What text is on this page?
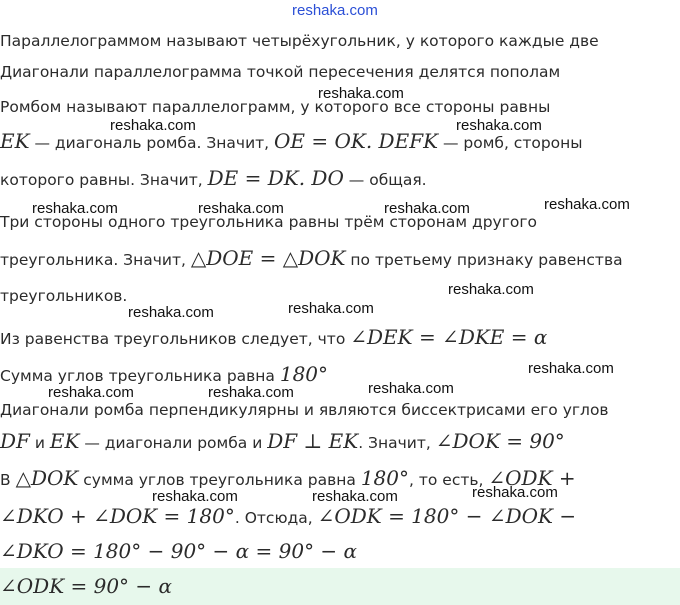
reshaka.com
reshaka.com
reshaka.com	reshaka.com
reshaka.com	reshaka.com	reshaka.com	reshaka.com
reshaka.com
reshaka.com	reshaka.com
reshaka.com
reshaka.com	reshaka.com	reshaka.com
reshaka.com
reshaka.com	reshaka.com
Параллелограммом называют четырёхугольник, у которого каждые две
Диагонали параллелограмма точкой пересечения делятся пополам
Ромбом называют параллелограмм, у которого все стороны равны
EK — диагональ ромба. Значит, OE = OK. DEFK — ромб, стороны
которого равны. Значит, DE = DK. DO — общая.
Три стороны одного треугольника равны трём сторонам другого
треугольника. Значит, △DOE = △DOK по третьему признаку равенства
треугольников.
Из равенства треугольников следует, что ∠DEK = ∠DKE = α
Сумма углов треугольника равна 180°
Диагонали ромба перпендикулярны и являются биссектрисами его углов
DF и EK — диагонали ромба и DF ⊥ EK. Значит, ∠DOK = 90°
В △DOK сумма углов треугольника равна 180°, то есть, ∠ODK +
∠DKO + ∠DOK = 180°. Отсюда, ∠ODK = 180° − ∠DOK −
∠DKO = 180° − 90° − α = 90° − α
∠ODK = 90° − α
